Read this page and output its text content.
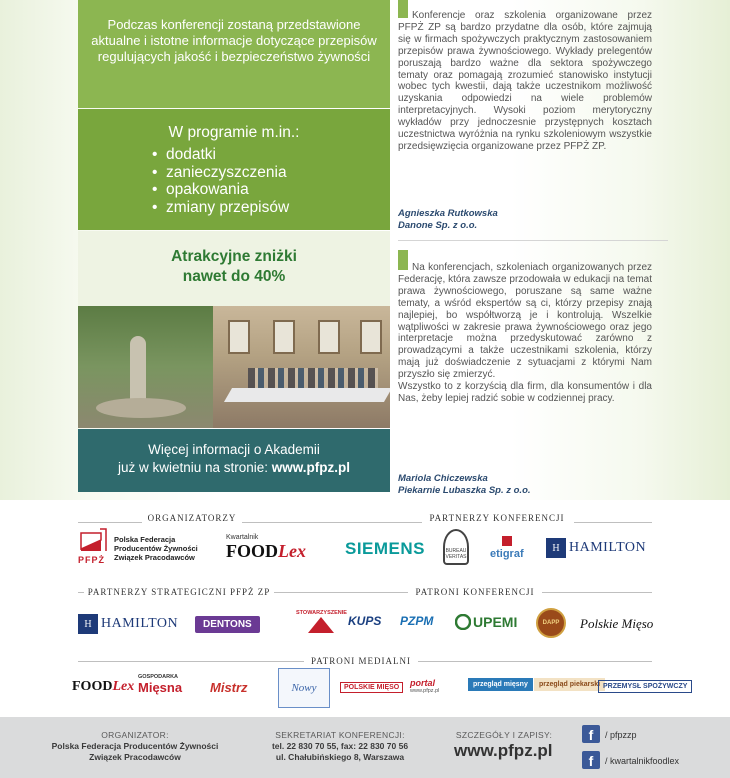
Podczas konferencji zostaną przedstawione aktualne i istotne informacje dotyczące przepisów regulujących jakość i bezpieczeństwo żywności
W programie m.in.:
• dodatki
• zanieczyszczenia
• opakowania
• zmiany przepisów
Atrakcyjne zniżki
nawet do 40%
Więcej informacji o Akademii
już w kwietniu na stronie: www.pfpz.pl
Konferencje oraz szkolenia organizowane przez PFPŻ ZP są bardzo przydatne dla osób, które zajmują się w firmach spożywczych praktycznym zastosowaniem przepisów prawa żywnościowego. Wykłady prelegentów poruszają bardzo ważne dla sektora spożywczego tematy oraz pomagają zrozumieć stanowisko instytucji wobec tych kwestii, dają także uczestnikom możliwość uzyskania odpowiedzi na wiele problemów interpretacyjnych. Wysoki poziom merytoryczny wykładów przy jednoczesnie przystępnych kosztach uczestnictwa wyróżnia na rynku szkoleniowym wszystkie przedsięwzięcia organizowane przez PFPŻ ZP.
Agnieszka Rutkowska
Danone Sp. z o.o.
Na konferencjach, szkoleniach organizowanych przez Federację, która zawsze przodowała w edukacji na temat prawa żywnościowego, poruszane są same ważne tematy, a wśród ekspertów są ci, którzy przepisy znają najlepiej, bo współtworzą je i kontrolują. Wszelkie wątpliwości w zakresie prawa żywnościowego oraz jego interpretacje można przedyskutować zarówno z prowadzącymi a także uczestnikami szkolenia, którzy mają już doświadczenie z sytuacjami z którymi Nam przyszło się zmierzyć.
Wszystko to z korzyścią dla firm, dla konsumentów i dla Nas, żeby lepiej radzić sobie w codziennej pracy.
Mariola Chiczewska
Piekarnie Lubaszka Sp. z o.o.
ORGANIZATORZY	PARTNERZY KONFERENCJI
PFPŻ
Polska Federacja
Producentów Żywności
Związek Pracodawców
Kwartalnik
FOODLex SIEMENS	BUREAU VERITAS etigraf	H HAMILTON
PARTNERZY STRATEGICZNI PFPŻ ZP	PATRONI KONFERENCJI
H HAMILTON	DENTONS
STOWARZYSZENIE
KUPS PZPM	UPEMI	DAPP	Polskie Mięso
PATRONI MEDIALNI
FOODLex
GOSPODARKA
Mięsna Mistrz	Nowy	POLSKIE MIĘSO portal
www.pfpz.pl
przegląd mięsny przegląd piekarski PRZEMYSŁ SPOŻYWCZY
ORGANIZATOR:
Polska Federacja Producentów Żywności
Związek Pracodawców
SEKRETARIAT KONFERENCJI:
tel. 22 830 70 55, fax: 22 830 70 56
ul. Chałubińskiego 8, Warszawa
SZCZEGÓŁY I ZAPISY:
www.pfpz.pl
f	/ pfpzzp
f	/ kwartalnikfoodlex
